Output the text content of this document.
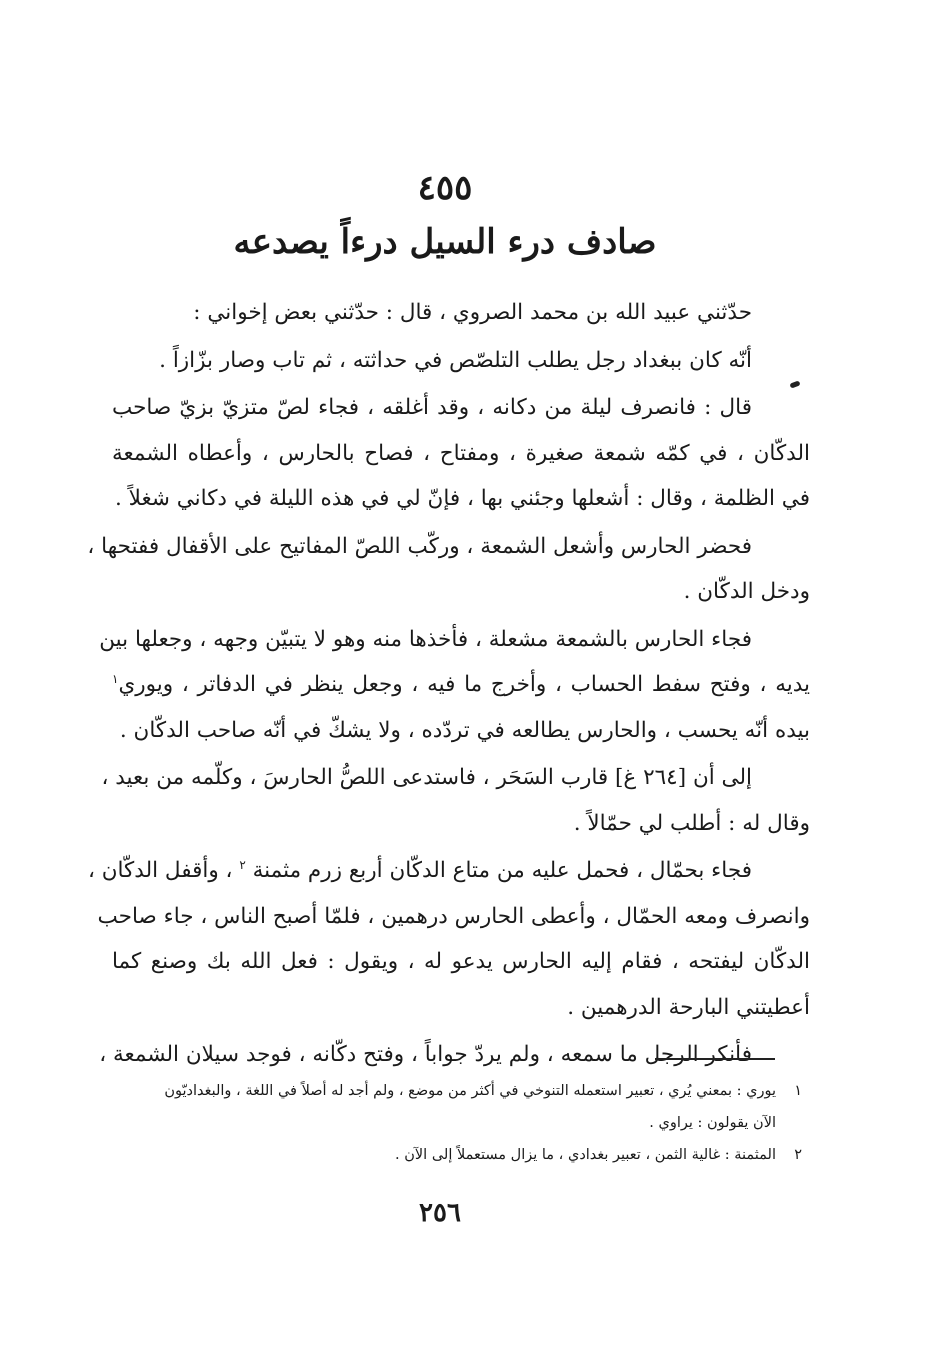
٤٥٥
صادف درء السيل درءاً يصدعه

حدّثني عبيد الله بن محمد الصروي ، قال : حدّثني بعض إخواني :

أنّه كان ببغداد رجل يطلب التلصّص في حداثته ، ثم تاب وصار بزّازاً .

قال : فانصرف ليلة من دكانه ، وقد أغلقه ، فجاء لصّ متزيّ بزيّ صاحب
الدكّان ، في كمّه شمعة صغيرة ، ومفتاح ، فصاح بالحارس ، وأعطاه الشمعة
في الظلمة ، وقال : أشعلها وجئني بها ، فإنّ لي في هذه الليلة في دكاني شغلاً .

فحضر الحارس وأشعل الشمعة ، وركّب اللصّ المفاتيح على الأقفال ففتحها ،
ودخل الدكّان .

فجاء الحارس بالشمعة مشعلة ، فأخذها منه وهو لا يتبيّن وجهه ، وجعلها بين
يديه ، وفتح سفط الحساب ، وأخرج ما فيه ، وجعل ينظر في الدفاتر ، ويوري$^١$
بيده أنّه يحسب ، والحارس يطالعه في تردّده ، ولا يشكّ في أنّه صاحب الدكّان .

إلى أن [٢٦٤ غ] قارب السَحَر ، فاستدعى اللصُّ الحارسَ ، وكلّمه من بعيد ،
وقال له : أطلب لي حمّالاً .

فجاء بحمّال ، فحمل عليه من متاع الدكّان أربع زرم مثمنة $^٢$ ، وأقفل الدكّان ،
وانصرف ومعه الحمّال ، وأعطى الحارس درهمين ، فلمّا أصبح الناس ، جاء صاحب
الدكّان ليفتحه ، فقام إليه الحارس يدعو له ، ويقول : فعل الله بك وصنع كما
أعطيتني البارحة الدرهمين .

فأنكر الرجل ما سمعه ، ولم يردّ جواباً ، وفتح دكّانه ، فوجد سيلان الشمعة ،

١يوري : بمعني يُري ، تعبير استعمله التنوخي في أكثر من موضع ، ولم أجد له أصلاً في اللغة ، والبغداديّون
الآن يقولون : يراوي .
٢المثمنة : غالية الثمن ، تعبير بغدادي ، ما يزال مستعملاً إلى الآن .
٢٥٦
